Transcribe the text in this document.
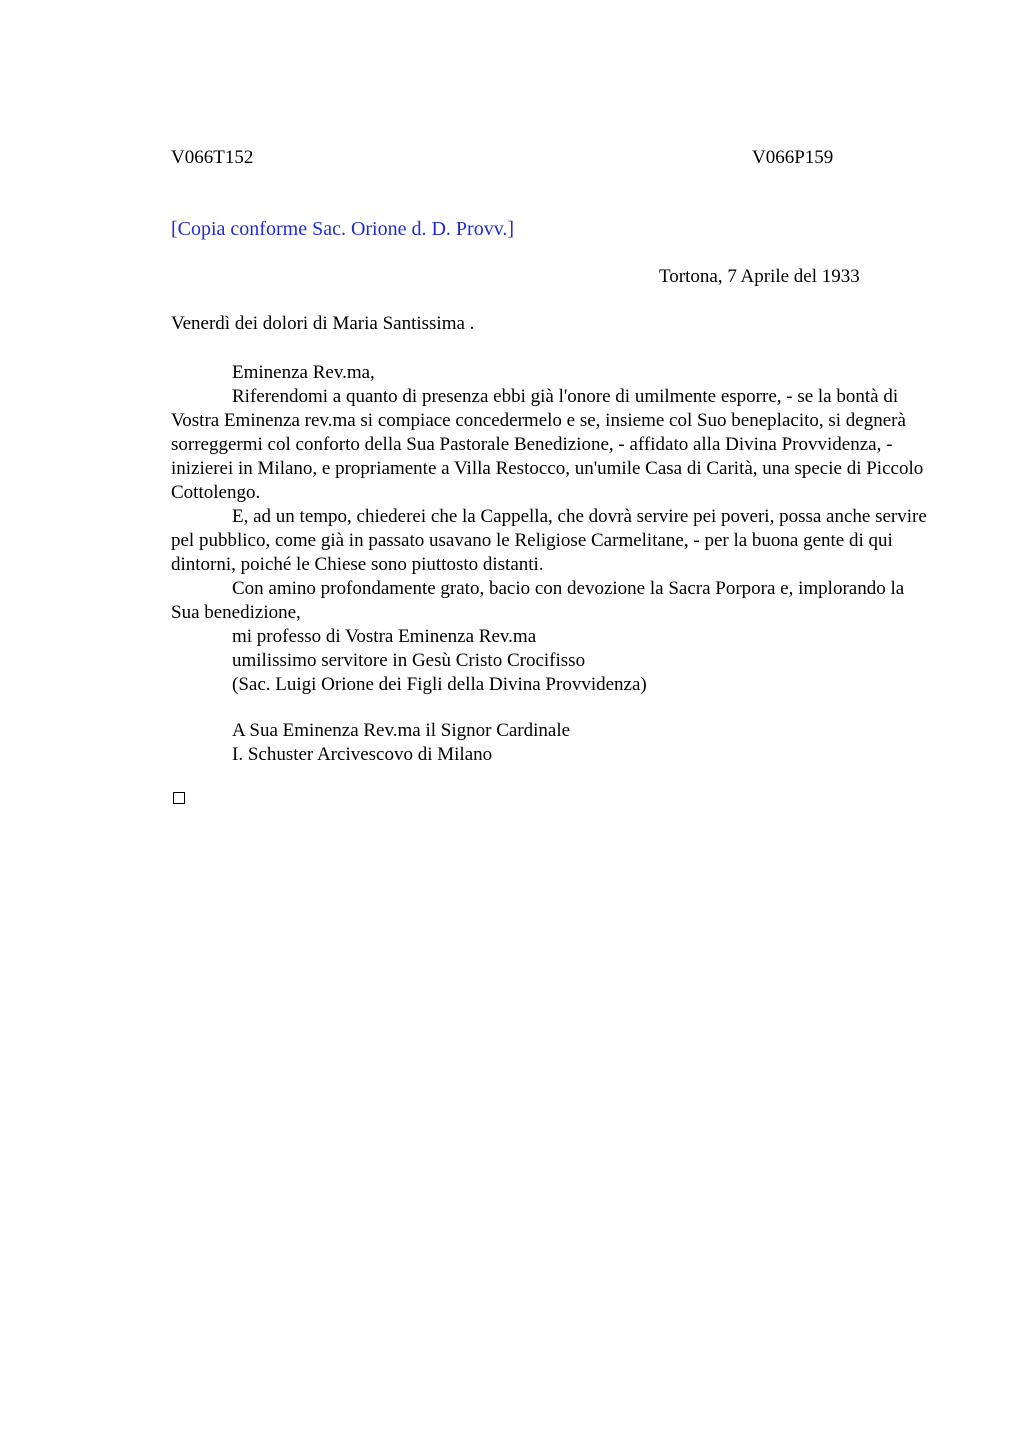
V066T152	V066P159
[Copia conforme Sac. Orione d. D. Provv.]
Tortona, 7 Aprile del 1933
Venerdì dei dolori di Maria Santissima .

Eminenza Rev.ma,

Riferendomi a quanto di presenza ebbi già l'onore di umilmente esporre, - se la bontà di Vostra Eminenza rev.ma si compiace concedermelo e se, insieme col Suo beneplacito, si degnerà sorreggermi col conforto della Sua Pastorale Benedizione, - affidato alla Divina Provvidenza, - inizierei in Milano, e propriamente a Villa Restocco, un'umile Casa di Carità, una specie di Piccolo Cottolengo.

E, ad un tempo, chiederei che la Cappella, che dovrà servire pei poveri, possa anche servire pel pubblico, come già in passato usavano le Religiose Carmelitane, - per la buona gente di qui dintorni, poiché le Chiese sono piuttosto distanti.

Con amino profondamente grato, bacio con devozione la Sacra Porpora e, implorando la Sua benedizione,

mi professo di Vostra Eminenza Rev.ma

umilissimo servitore in Gesù Cristo Crocifisso

(Sac. Luigi Orione dei Figli della Divina Provvidenza)

A Sua Eminenza Rev.ma il Signor Cardinale

I. Schuster Arcivescovo di Milano
